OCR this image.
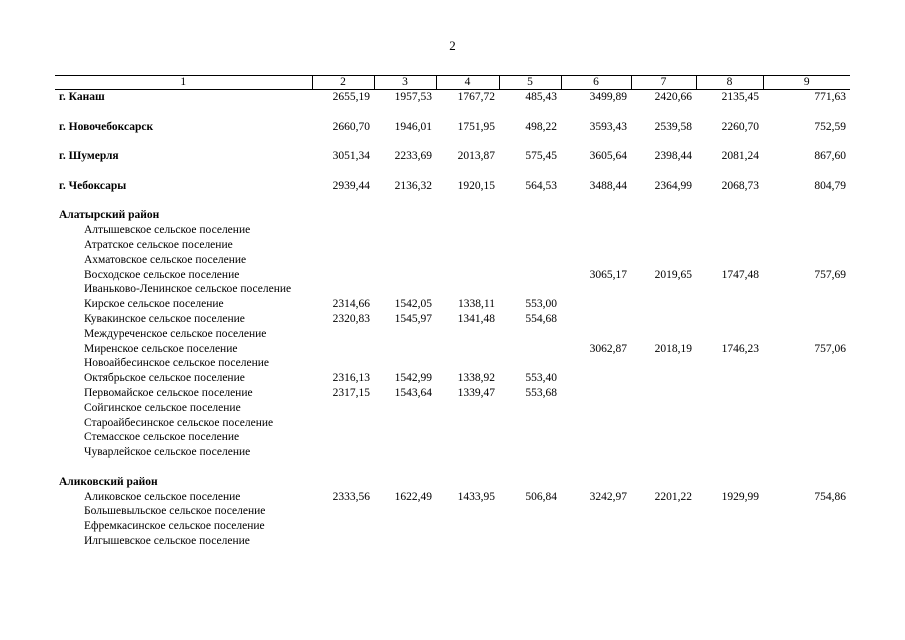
2
1	2	3	4	5	6	7	8	9
г. Канаш	2655,19	1957,53	1767,72	485,43	3499,89	2420,66	2135,45	771,63

г. Новочебоксарск	2660,70	1946,01	1751,95	498,22	3593,43	2539,58	2260,70	752,59

г. Шумерля	3051,34	2233,69	2013,87	575,45	3605,64	2398,44	2081,24	867,60

г. Чебоксары	2939,44	2136,32	1920,15	564,53	3488,44	2364,99	2068,73	804,79

Алатырский район								
Алтышевское сельское поселение								
Атратское сельское поселение								
Ахматовское сельское поселение								
Восходское сельское поселение					3065,17	2019,65	1747,48	757,69
Иваньково-Ленинское сельское поселение								
Кирское сельское поселение	2314,66	1542,05	1338,11	553,00				
Кувакинское сельское поселение	2320,83	1545,97	1341,48	554,68				
Междуреченское сельское поселение								
Миренское сельское поселение					3062,87	2018,19	1746,23	757,06
Новоайбесинское сельское поселение								
Октябрьское сельское поселение	2316,13	1542,99	1338,92	553,40				
Первомайское сельское поселение	2317,15	1543,64	1339,47	553,68				
Сойгинское сельское поселение								
Староайбесинское сельское поселение								
Стемасское сельское поселение								
Чуварлейское сельское поселение								

Аликовский район								
Аликовское сельское поселение	2333,56	1622,49	1433,95	506,84	3242,97	2201,22	1929,99	754,86
Большевыльское сельское поселение								
Ефремкасинское сельское поселение								
Илгышевское сельское поселение								
